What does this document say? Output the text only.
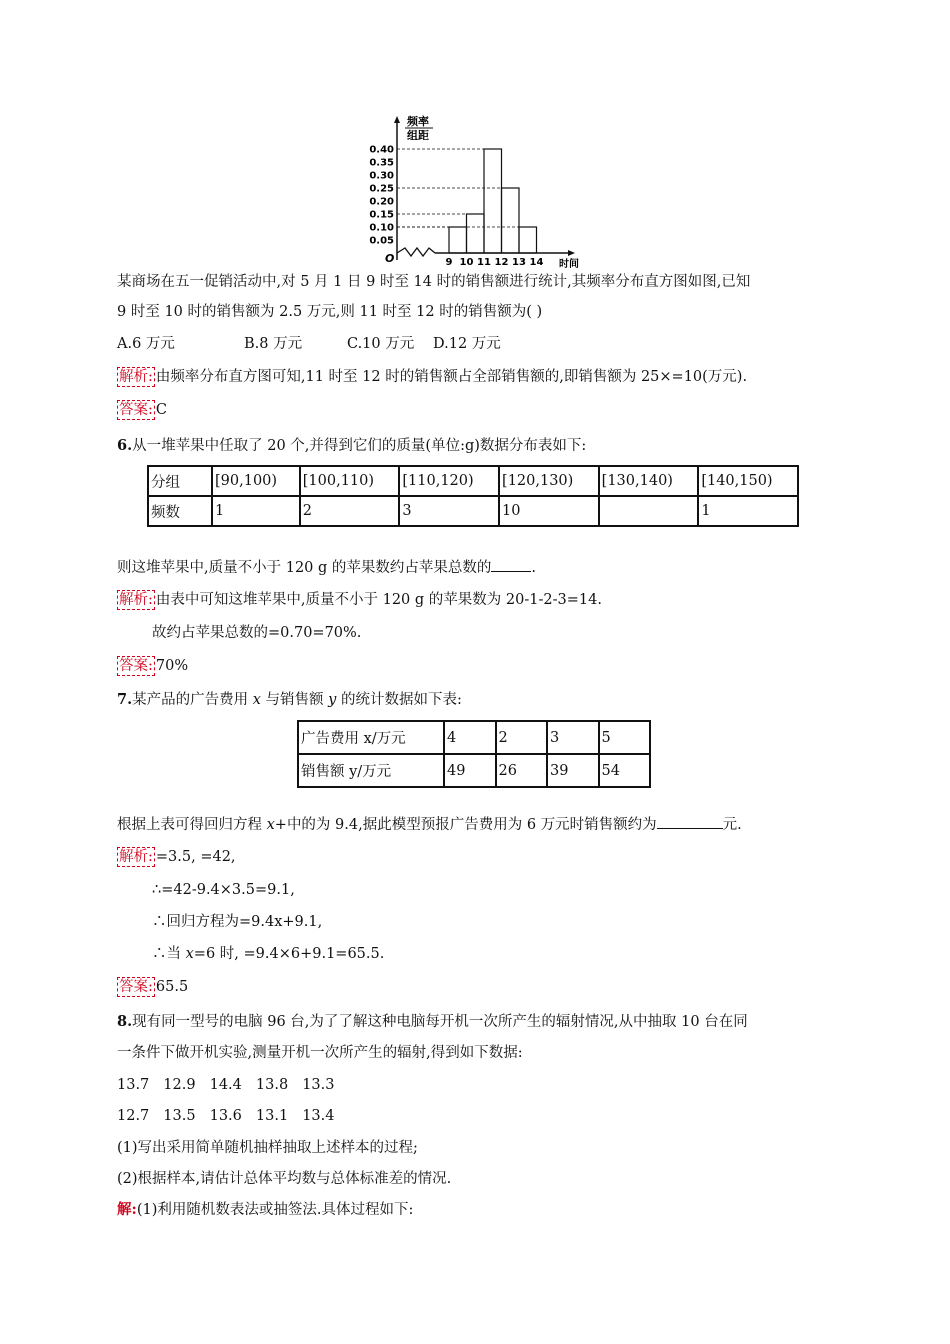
0.05
0.10
0.15
0.20
0.25
0.30
0.35
0.40
9 10 11 12 13 14
频率
组距
时间
O
某商场在五一促销活动中,对 5 月 1 日 9 时至 14 时的销售额进行统计,其频率分布直方图如图,已知
9 时至 10 时的销售额为 2.5 万元,则 11 时至 12 时的销售额为( )
A.6 万元	B.8 万元	C.10 万元 D.12 万元
解析: 由频率分布直方图可知,11 时至 12 时的销售额占全部销售额的,即销售额为 25×=10(万元).
答案: C
6.从一堆苹果中任取了 20 个,并得到它们的质量(单位:g)数据分布表如下:
分组	[90,100)	[100,110)	[110,120)	[120,130)	[130,140)	[140,150)
频数	1	2	3	10		1
则这堆苹果中,质量不小于 120 g 的苹果数约占苹果总数的	.
解析: 由表中可知这堆苹果中,质量不小于 120 g 的苹果数为 20-1-2-3=14.
故约占苹果总数的=0.70=70%.
答案: 70%
7.某产品的广告费用 x 与销售额 y 的统计数据如下表:
广告费用 x/万元	4	2	3	5
销售额 y/万元	49	26	39	54
根据上表可得回归方程 x+中的为 9.4,据此模型预报广告费用为 6 万元时销售额约为	元.
解析: =3.5, =42,
∴=42-9.4×3.5=9.1,
∴回归方程为=9.4x+9.1,
∴当 x=6 时, =9.4×6+9.1=65.5.
答案: 65.5
8.现有同一型号的电脑 96 台,为了了解这种电脑每开机一次所产生的辐射情况,从中抽取 10 台在同
一条件下做开机实验,测量开机一次所产生的辐射,得到如下数据:
13.7 12.9 14.4 13.8 13.3
12.7 13.5 13.6 13.1 13.4
(1)写出采用简单随机抽样抽取上述样本的过程;
(2)根据样本,请估计总体平均数与总体标准差的情况.
解:(1)利用随机数表法或抽签法.具体过程如下:
